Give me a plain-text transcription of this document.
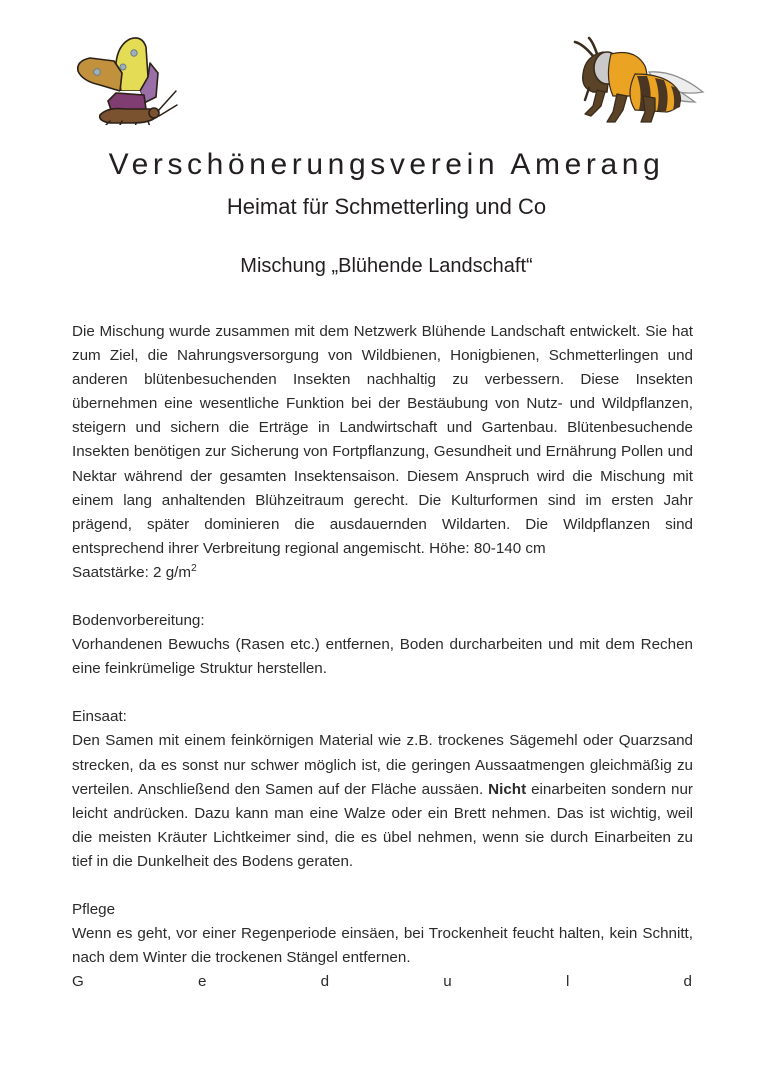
Verschönerungsverein Amerang
Heimat für Schmetterling und Co
Mischung „Blühende Landschaft“

Die Mischung wurde zusammen mit dem Netzwerk Blühende Landschaft entwickelt. Sie hat zum Ziel, die Nahrungsversorgung von Wildbienen, Honigbienen, Schmetterlingen und anderen blütenbesuchenden Insekten nachhaltig zu verbessern. Diese Insekten übernehmen eine wesentliche Funktion bei der Bestäubung von Nutz- und Wildpflanzen, steigern und sichern die Erträge in Landwirtschaft und Gartenbau. Blütenbesuchende Insekten benötigen zur Sicherung von Fortpflanzung, Gesundheit und Ernährung Pollen und Nektar während der gesamten Insektensaison. Diesem Anspruch wird die Mischung mit einem lang anhaltenden Blühzeitraum gerecht. Die Kulturformen sind im ersten Jahr prägend, später dominieren die ausdauernden Wildarten. Die Wildpflanzen sind entsprechend ihrer Verbreitung regional angemischt. Höhe: 80-140 cm

Saatstärke: 2 $g/m^2$
Bodenvorbereitung:

Vorhandenen Bewuchs (Rasen etc.) entfernen, Boden durcharbeiten und mit dem Rechen eine feinkrümelige Struktur herstellen.

Einsaat:

Den Samen mit einem feinkörnigen Material wie z.B. trockenes Sägemehl oder Quarzsand strecken, da es sonst nur schwer möglich ist, die geringen Aussaatmengen gleichmäßig zu verteilen. Anschließend den Samen auf der Fläche aussäen. Nicht einarbeiten sondern nur leicht andrücken. Dazu kann man eine Walze oder ein Brett nehmen. Das ist wichtig, weil die meisten Kräuter Lichtkeimer sind, die es übel nehmen, wenn sie durch Einarbeiten zu tief in die Dunkelheit des Bodens geraten.

Pflege

Wenn es geht, vor einer Regenperiode einsäen, bei Trockenheit feucht halten, kein Schnitt, nach dem Winter die trockenen Stängel entfernen.

G	e	d	u	l	d
